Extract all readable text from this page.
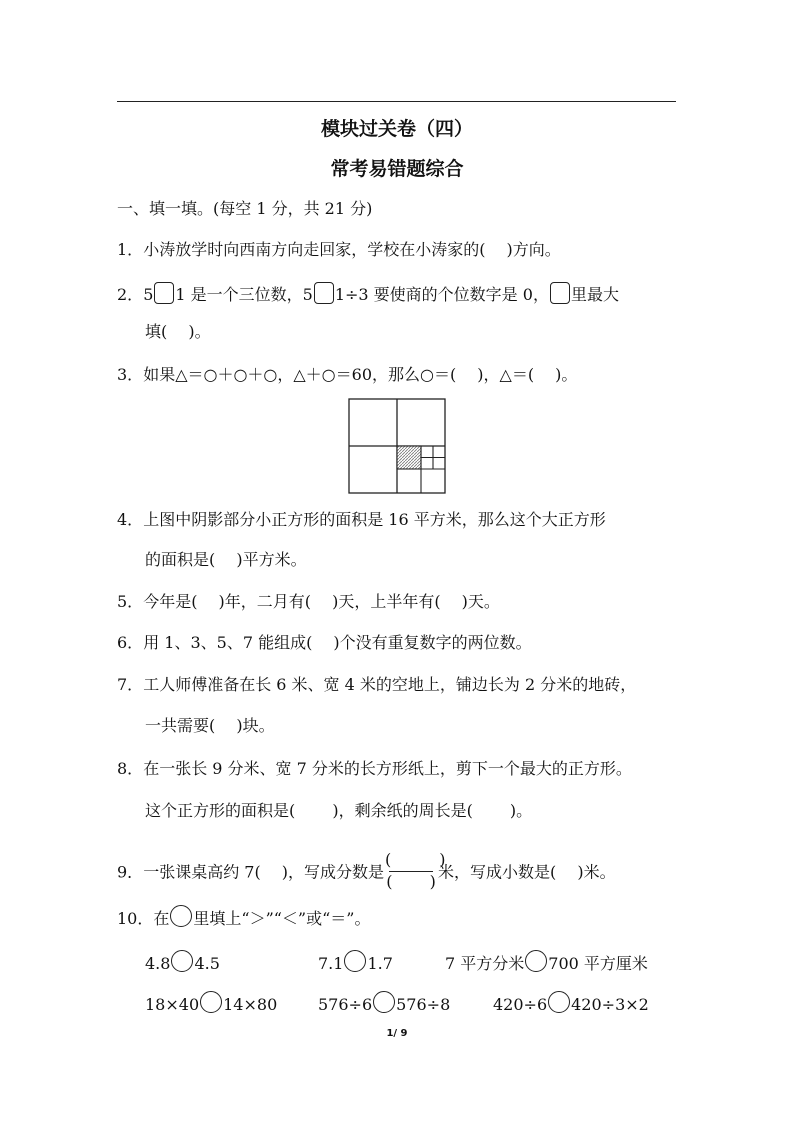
模块过关卷（四）
常考易错题综合
一、填一填。(每空 1 分，共 21 分)
1．小涛放学时向西南方向走回家，学校在小涛家的(　 )方向。
2．5 1 是一个三位数，5 1÷3 要使商的个位数字是 0， 里最大
填(　 )。
3．如果△＝○＋○＋○，△＋○＝60，那么○＝(　 )，△＝(　 )。
4．上图中阴影部分小正方形的面积是 16 平方米，那么这个大正方形
的面积是(　 )平方米。
5．今年是(　 )年，二月有(　 )天，上半年有(　 )天。
6．用 1、3、5、7 能组成(　 )个没有重复数字的两位数。
7．工人师傅准备在长 6 米、宽 4 米的空地上，铺边长为 2 分米的地砖，
一共需要(　 )块。
8．在一张长 9 分米、宽 7 分米的长方形纸上，剪下一个最大的正方形。
这个正方形的面积是(　　 )，剩余纸的周长是(　　 )。
9．一张课桌高约 7(　 )，写成分数是 $\frac{( )}{( )}$ 米，写成小数是(　 )米。
10．在 里填上“＞”“＜”或“＝”。
4.8 4.5	7.1 1.7	7 平方分米 700 平方厘米
18×40 14×80	576÷6 576÷8	420÷6 420÷3×2
1/ 9
